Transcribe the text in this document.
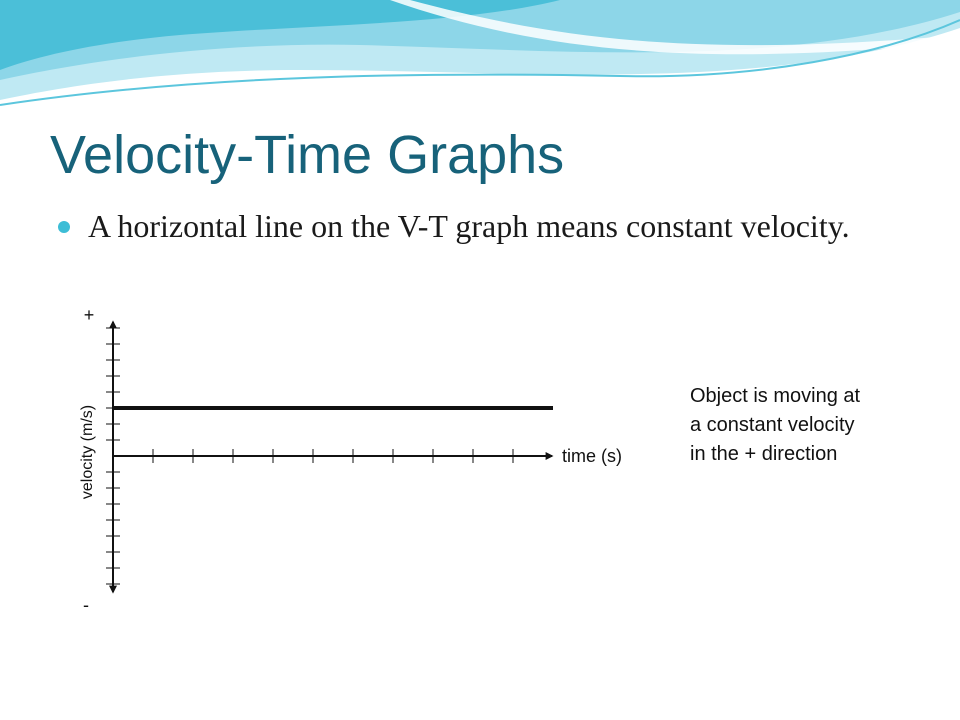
Velocity-Time Graphs
A horizontal line on the V-T graph means constant velocity.
+
-
time (s)
velocity (m/s)

Object is moving at
a constant velocity
in the + direction
